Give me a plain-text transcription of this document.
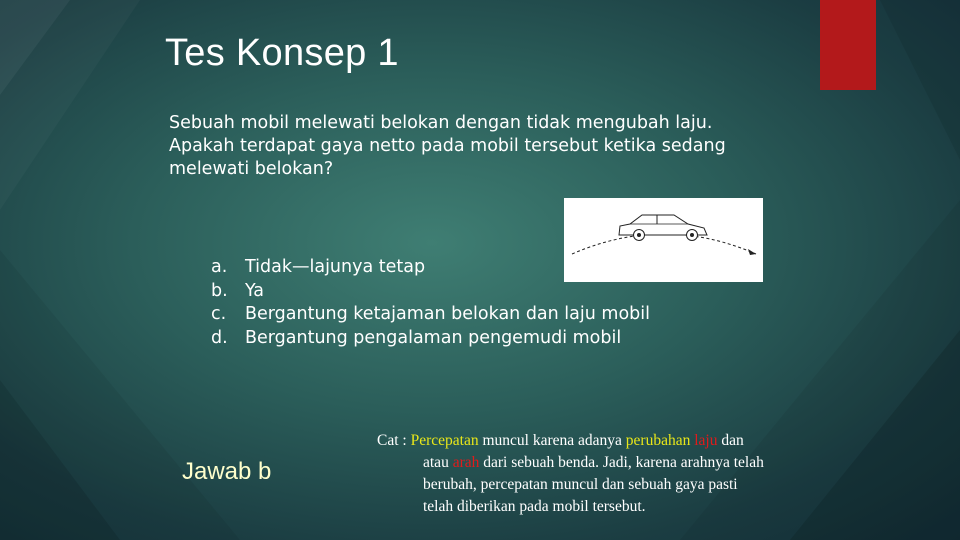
Tes Konsep 1
Sebuah mobil melewati belokan dengan tidak mengubah laju.
Apakah terdapat gaya netto pada mobil tersebut ketika sedang
melewati belokan?
a.	Tidak—lajunya tetap
b. Ya
c.	Bergantung ketajaman belokan dan laju mobil
d. Bergantung pengalaman pengemudi mobil
Jawab b
Cat : Percepatan muncul karena adanya perubahan laju dan
atau arah dari sebuah benda. Jadi, karena arahnya telah
berubah, percepatan muncul dan sebuah gaya pasti
telah diberikan pada mobil tersebut.
